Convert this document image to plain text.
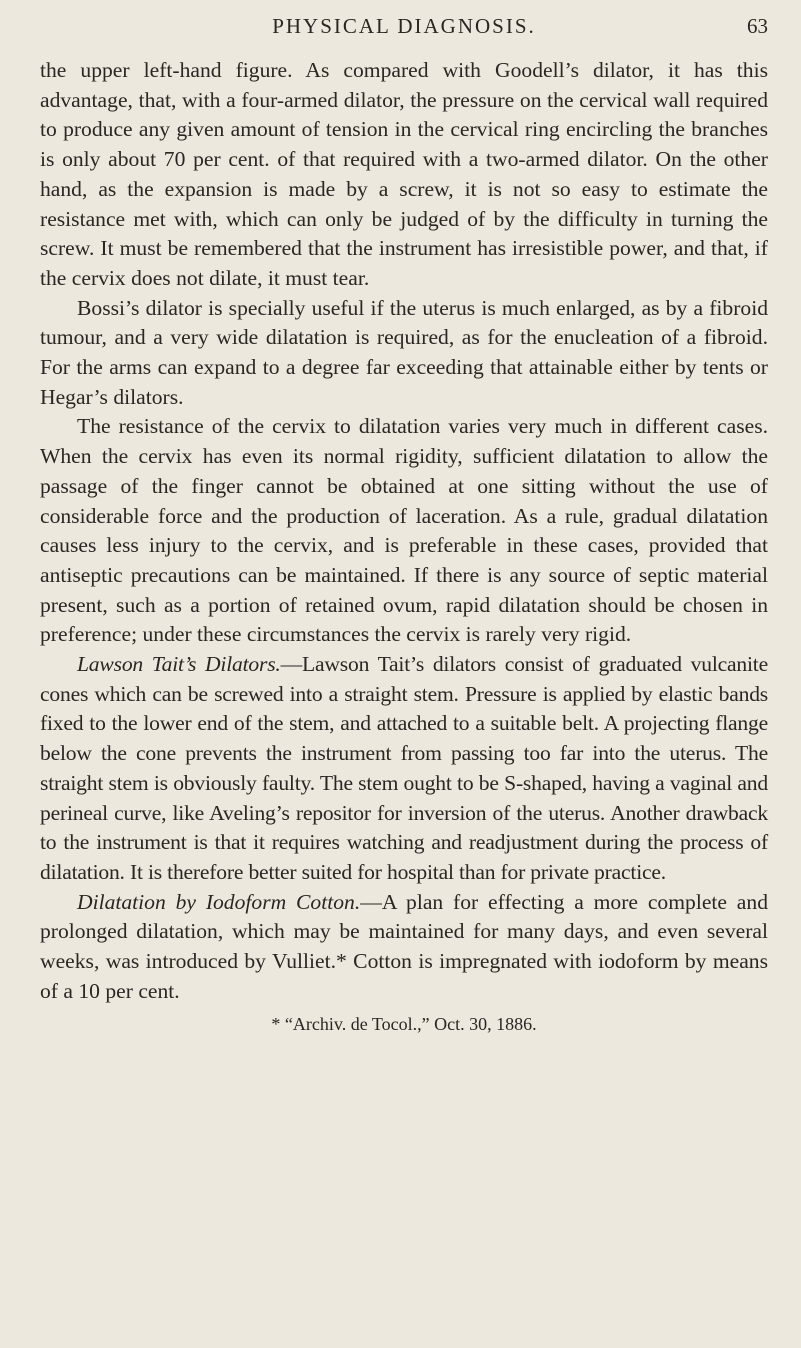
PHYSICAL DIAGNOSIS.	63

the upper left-hand figure. As compared with Goodell’s dilator, it has this advantage, that, with a four-armed dilator, the pressure on the cervical wall required to produce any given amount of tension in the cervical ring encircling the branches is only about 70 per cent. of that required with a two-armed dilator. On the other hand, as the expansion is made by a screw, it is not so easy to estimate the resistance met with, which can only be judged of by the difficulty in turning the screw. It must be remembered that the instrument has irresistible power, and that, if the cervix does not dilate, it must tear.

Bossi’s dilator is specially useful if the uterus is much enlarged, as by a fibroid tumour, and a very wide dilatation is required, as for the enucleation of a fibroid. For the arms can expand to a degree far exceeding that attainable either by tents or Hegar’s dilators.

The resistance of the cervix to dilatation varies very much in different cases. When the cervix has even its normal rigidity, sufficient dilatation to allow the passage of the finger cannot be obtained at one sitting without the use of considerable force and the production of laceration. As a rule, gradual dilatation causes less injury to the cervix, and is preferable in these cases, provided that antiseptic precautions can be maintained. If there is any source of septic material present, such as a portion of retained ovum, rapid dilatation should be chosen in preference; under these circumstances the cervix is rarely very rigid.

Lawson Tait’s Dilators.—Lawson Tait’s dilators consist of graduated vulcanite cones which can be screwed into a straight stem. Pressure is applied by elastic bands fixed to the lower end of the stem, and attached to a suitable belt. A projecting flange below the cone prevents the instrument from passing too far into the uterus. The straight stem is obviously faulty. The stem ought to be S-shaped, having a vaginal and perineal curve, like Aveling’s repositor for inversion of the uterus. Another drawback to the instrument is that it requires watching and readjustment during the process of dilatation. It is therefore better suited for hospital than for private practice.

Dilatation by Iodoform Cotton.—A plan for effecting a more complete and prolonged dilatation, which may be maintained for many days, and even several weeks, was introduced by Vulliet.* Cotton is impregnated with iodoform by means of a 10 per cent.

* “Archiv. de Tocol.,” Oct. 30, 1886.
